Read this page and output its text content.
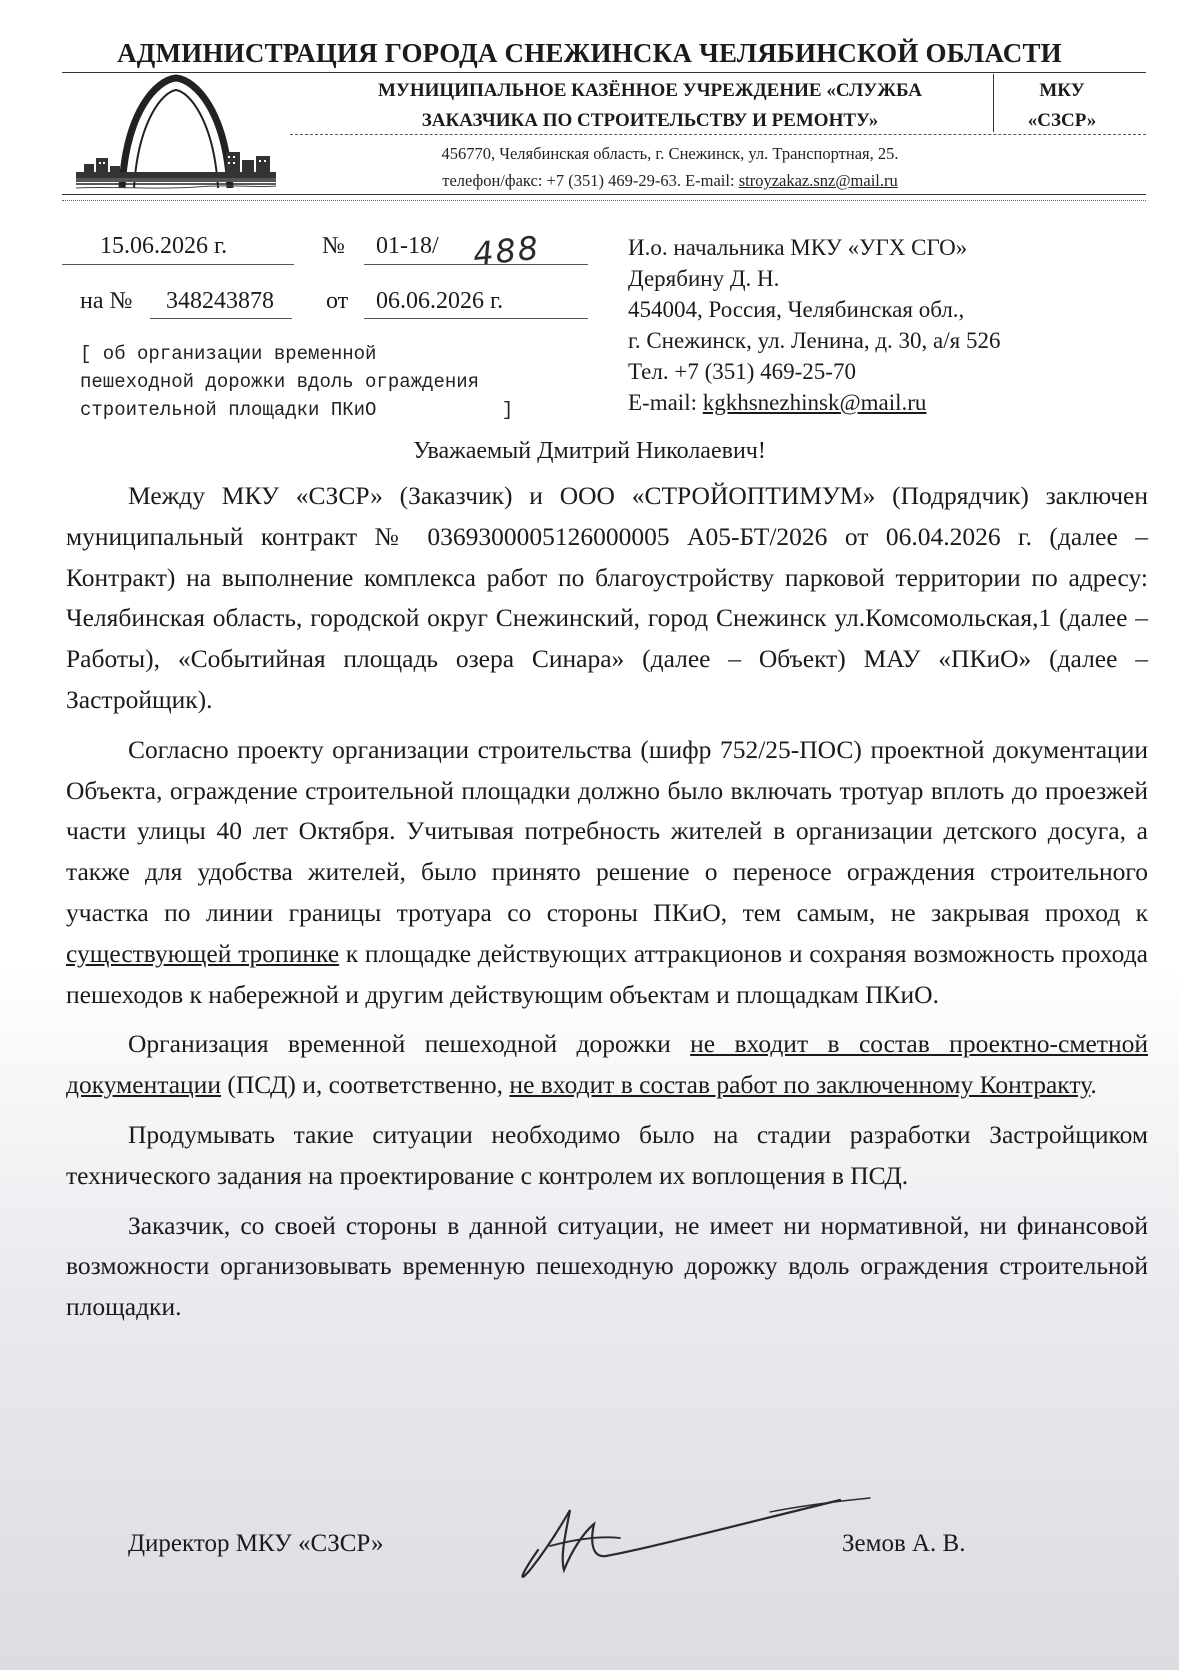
АДМИНИСТРАЦИЯ ГОРОДА СНЕЖИНСКА ЧЕЛЯБИНСКОЙ ОБЛАСТИ
МУНИЦИПАЛЬНОЕ КАЗЁННОЕ УЧРЕЖДЕНИЕ «СЛУЖБА
ЗАКАЗЧИКА ПО СТРОИТЕЛЬСТВУ И РЕМОНТУ»
МКУ
«СЗСР»
456770, Челябинская область, г. Снежинск, ул. Транспортная, 25.
телефон/факс: +7 (351) 469-29-63. E-mail: stroyzakaz.snz@mail.ru
15.06.2026 г.	№ 01-18/ 488
на № 348243878 от 06.06.2026 г.
[ об организации временной
пешеходной дорожки вдоль ограждения
строительной площадки ПКиО           ]
И.о. начальника МКУ «УГХ СГО»
Дерябину Д. Н.
454004, Россия, Челябинская обл.,
г. Снежинск, ул. Ленина, д. 30, а/я 526
Тел. +7 (351) 469-25-70
E-mail: kgkhsnezhinsk@mail.ru
Уважаемый Дмитрий Николаевич!

Между МКУ «СЗСР» (Заказчик) и ООО «СТРОЙОПТИМУМ» (Подрядчик) заключен муниципальный контракт № 0369300005126000005 А05-БТ/2026 от 06.04.2026 г. (далее – Контракт) на выполнение комплекса работ по благоустройству парковой территории по адресу: Челябинская область, городской округ Снежинский, город Снежинск ул.Комсомольская,1 (далее – Работы), «Событийная площадь озера Синара» (далее – Объект) МАУ «ПКиО» (далее – Застройщик).

Согласно проекту организации строительства (шифр 752/25-ПОС) проектной документации Объекта, ограждение строительной площадки должно было включать тротуар вплоть до проезжей части улицы 40 лет Октября. Учитывая потребность жителей в организации детского досуга, а также для удобства жителей, было принято решение о переносе ограждения строительного участка по линии границы тротуара со стороны ПКиО, тем самым, не закрывая проход к существующей тропинке к площадке действующих аттракционов и сохраняя возможность прохода пешеходов к набережной и другим действующим объектам и площадкам ПКиО.

Организация временной пешеходной дорожки не входит в состав проектно-сметной документации (ПСД) и, соответственно, не входит в состав работ по заключенному Контракту.

Продумывать такие ситуации необходимо было на стадии разработки Застройщиком технического задания на проектирование с контролем их воплощения в ПСД.

Заказчик, со своей стороны в данной ситуации, не имеет ни нормативной, ни финансовой возможности организовывать временную пешеходную дорожку вдоль ограждения строительной площадки.

Директор МКУ «СЗСР»	Земов А. В.
